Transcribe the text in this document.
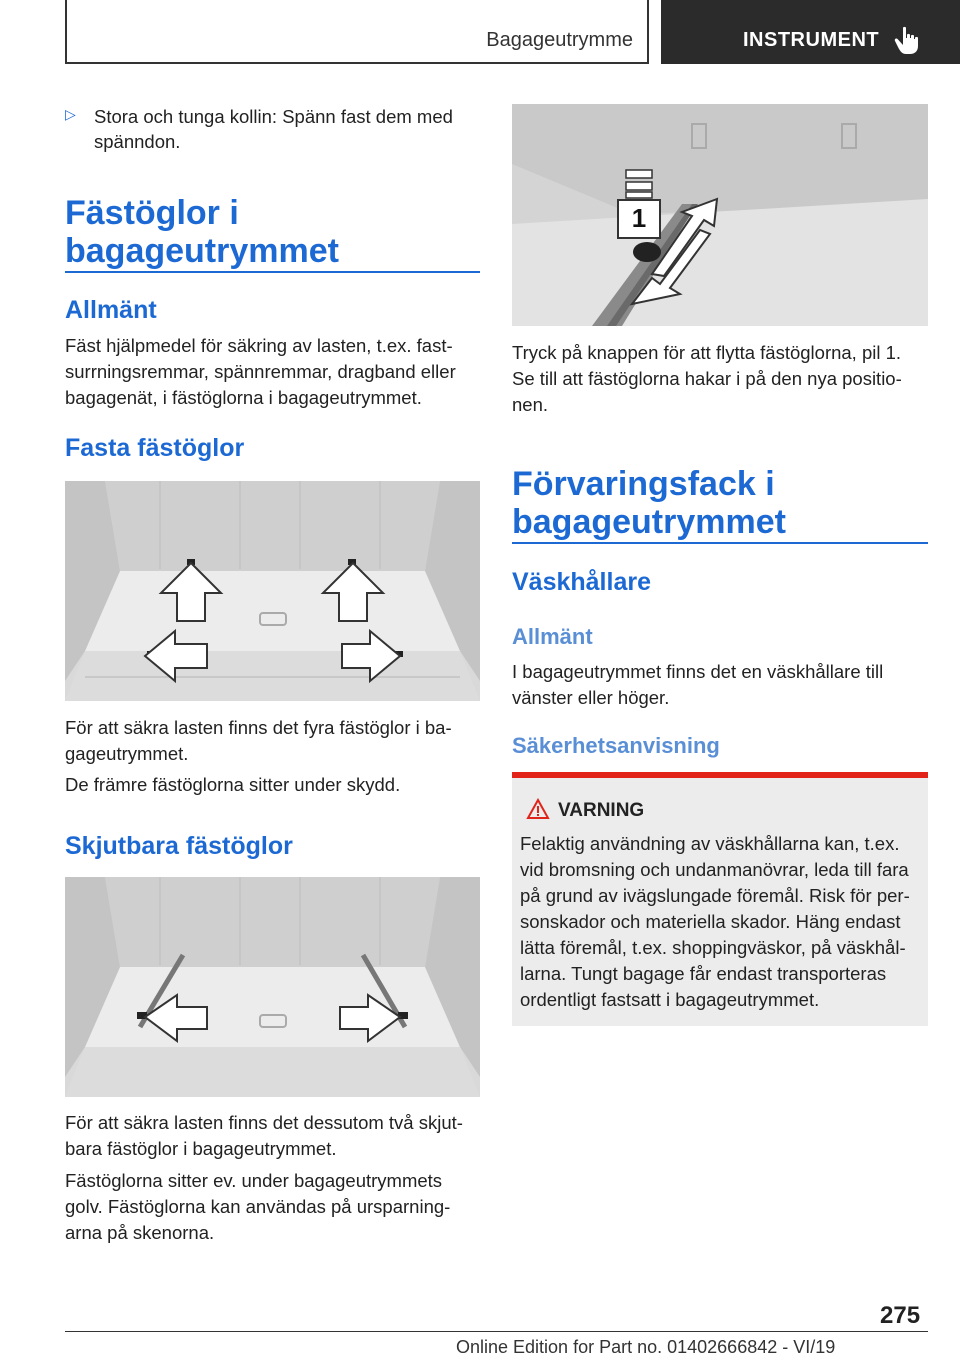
Bagageutrymme	INSTRUMENT
▷ Stora och tunga kollin: Spänn fast dem med
spänndon.
Fästöglor i
bagageutrymmet
Allmänt
Fäst hjälpmedel för säkring av lasten, t.ex. fast-
surrningsremmar, spännremmar, dragband eller
bagagenät, i fästöglorna i bagageutrymmet.
Fasta fästöglor
För att säkra lasten finns det fyra fästöglor i ba-
gageutrymmet.
De främre fästöglorna sitter under skydd.
Skjutbara fästöglor
För att säkra lasten finns det dessutom två skjut-
bara fästöglor i bagageutrymmet.
Fästöglorna sitter ev. under bagageutrymmets
golv. Fästöglorna kan användas på ursparning-
arna på skenorna.
1
Tryck på knappen för att flytta fästöglorna, pil 1.
Se till att fästöglorna hakar i på den nya positio-
nen.
Förvaringsfack i
bagageutrymmet
Väskhållare
Allmänt
I bagageutrymmet finns det en väskhållare till
vänster eller höger.
Säkerhetsanvisning
VARNING
Felaktig användning av väskhållarna kan, t.ex.
vid bromsning och undanmanövrar, leda till fara
på grund av ivägslungade föremål. Risk för per-
sonskador och materiella skador. Häng endast
lätta föremål, t.ex. shoppingväskor, på väskhål-
larna. Tungt bagage får endast transporteras
ordentligt fastsatt i bagageutrymmet.
275
Online Edition for Part no. 01402666842 - VI/19
